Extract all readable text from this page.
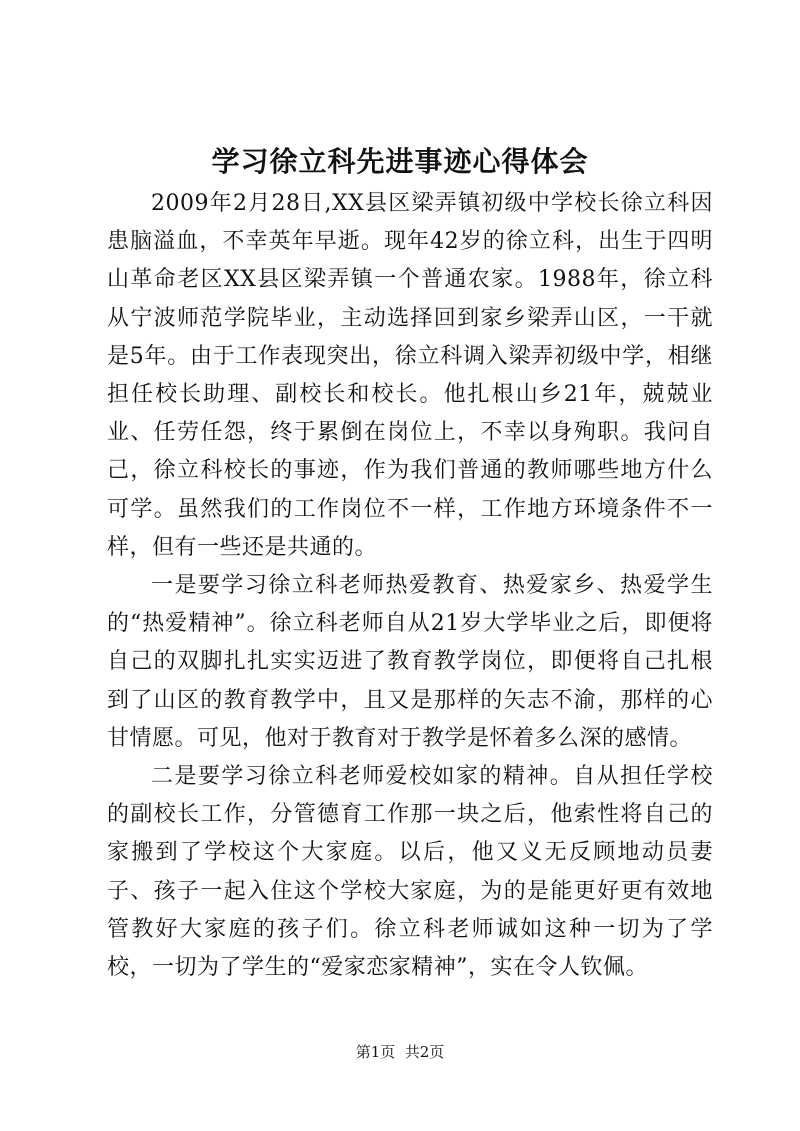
学习徐立科先进事迹心得体会

2009年2月28日,XX县区梁弄镇初级中学校长徐立科因患脑溢血，不幸英年早逝。现年42岁的徐立科，出生于四明山革命老区XX县区梁弄镇一个普通农家。1988年，徐立科从宁波师范学院毕业，主动选择回到家乡梁弄山区，一干就是5年。由于工作表现突出，徐立科调入梁弄初级中学，相继担任校长助理、副校长和校长。他扎根山乡21年，兢兢业业、任劳任怨，终于累倒在岗位上，不幸以身殉职。我问自己，徐立科校长的事迹，作为我们普通的教师哪些地方什么可学。虽然我们的工作岗位不一样，工作地方环境条件不一样，但有一些还是共通的。

一是要学习徐立科老师热爱教育、热爱家乡、热爱学生的“热爱精神”。徐立科老师自从21岁大学毕业之后，即便将自己的双脚扎扎实实迈进了教育教学岗位，即便将自己扎根到了山区的教育教学中，且又是那样的矢志不渝，那样的心甘情愿。可见，他对于教育对于教学是怀着多么深的感情。

二是要学习徐立科老师爱校如家的精神。自从担任学校的副校长工作，分管德育工作那一块之后，他索性将自己的家搬到了学校这个大家庭。以后，他又义无反顾地动员妻子、孩子一起入住这个学校大家庭，为的是能更好更有效地管教好大家庭的孩子们。徐立科老师诚如这种一切为了学校，一切为了学生的“爱家恋家精神”，实在令人钦佩。

第1页  共2页
